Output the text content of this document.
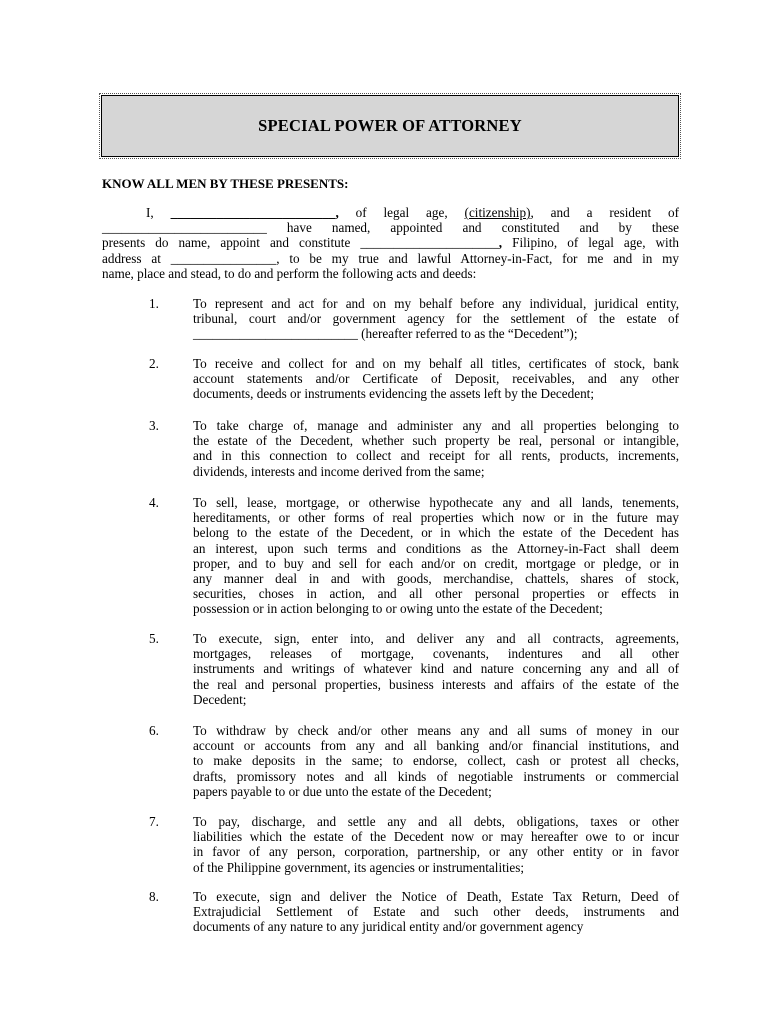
SPECIAL POWER OF ATTORNEY
KNOW ALL MEN BY THESE PRESENTS:
I, _________________________, of legal age, (citizenship), and a resident of
_________________________ have named, appointed and constituted and by these
presents do name, appoint and constitute _____________________, Filipino, of legal age, with
address at ________________, to be my true and lawful Attorney-in-Fact, for me and in my
name, place and stead, to do and perform the following acts and deeds:
1.	To represent and act for and on my behalf before any individual, juridical entity,
tribunal, court and/or government agency for the settlement of the estate of
_________________________ (hereafter referred to as the “Decedent”);
2.	To receive and collect for and on my behalf all titles, certificates of stock, bank
account statements and/or Certificate of Deposit, receivables, and any other
documents, deeds or instruments evidencing the assets left by the Decedent;
3.	To take charge of, manage and administer any and all properties belonging to
the estate of the Decedent, whether such property be real, personal or intangible,
and in this connection to collect and receipt for all rents, products, increments,
dividends, interests and income derived from the same;
4.	To sell, lease, mortgage, or otherwise hypothecate any and all lands, tenements,
hereditaments, or other forms of real properties which now or in the future may
belong to the estate of the Decedent, or in which the estate of the Decedent has
an interest, upon such terms and conditions as the Attorney-in-Fact shall deem
proper, and to buy and sell for each and/or on credit, mortgage or pledge, or in
any manner deal in and with goods, merchandise, chattels, shares of stock,
securities, choses in action, and all other personal properties or effects in
possession or in action belonging to or owing unto the estate of the Decedent;
5.	To execute, sign, enter into, and deliver any and all contracts, agreements,
mortgages, releases of mortgage, covenants, indentures and all other
instruments and writings of whatever kind and nature concerning any and all of
the real and personal properties, business interests and affairs of the estate of the
Decedent;
6.	To withdraw by check and/or other means any and all sums of money in our
account or accounts from any and all banking and/or financial institutions, and
to make deposits in the same; to endorse, collect, cash or protest all checks,
drafts, promissory notes and all kinds of negotiable instruments or commercial
papers payable to or due unto the estate of the Decedent;
7.	To pay, discharge, and settle any and all debts, obligations, taxes or other
liabilities which the estate of the Decedent now or may hereafter owe to or incur
in favor of any person, corporation, partnership, or any other entity or in favor
of the Philippine government, its agencies or instrumentalities;
8.	To execute, sign and deliver the Notice of Death, Estate Tax Return, Deed of
Extrajudicial Settlement of Estate and such other deeds, instruments and
documents of any nature to any juridical entity and/or government agency
